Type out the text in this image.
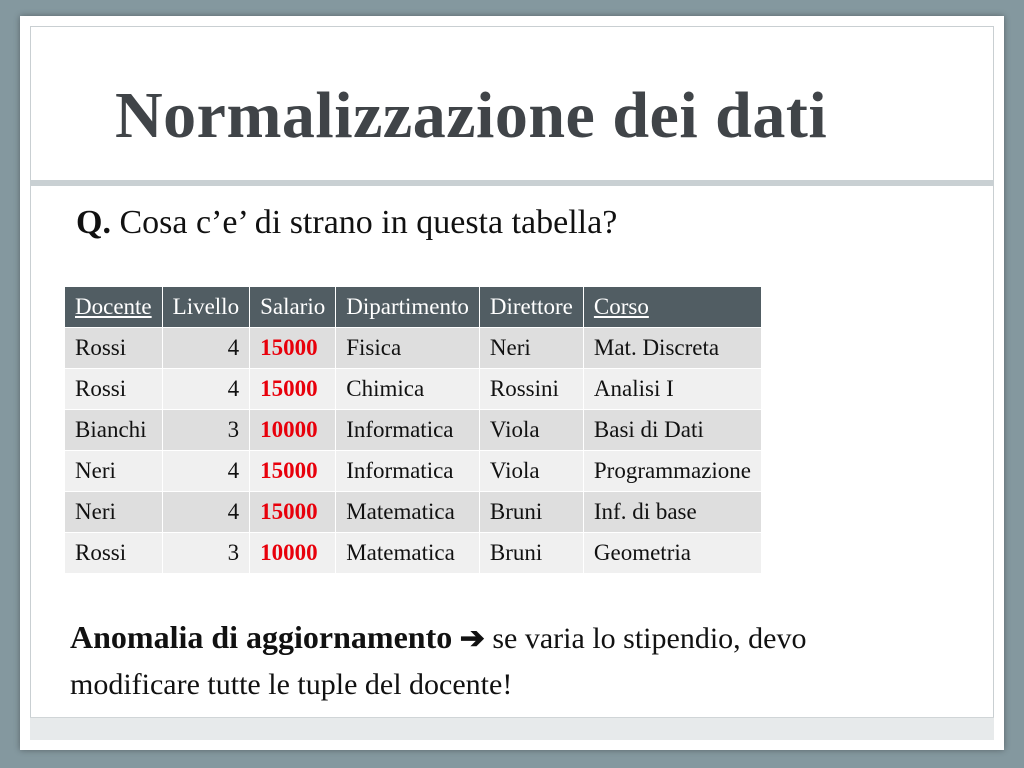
Normalizzazione dei dati
Q. Cosa c’e’ di strano in questa tabella?
Docente	Livello	Salario	Dipartimento	Direttore	Corso
Rossi	4	15000	Fisica	Neri	Mat. Discreta
Rossi	4	15000	Chimica	Rossini	Analisi I
Bianchi	3	10000	Informatica	Viola	Basi di Dati
Neri	4	15000	Informatica	Viola	Programmazione
Neri	4	15000	Matematica	Bruni	Inf. di base
Rossi	3	10000	Matematica	Bruni	Geometria
Anomalia di aggiornamento ➔ se varia lo stipendio, devo modificare tutte le tuple del docente!
